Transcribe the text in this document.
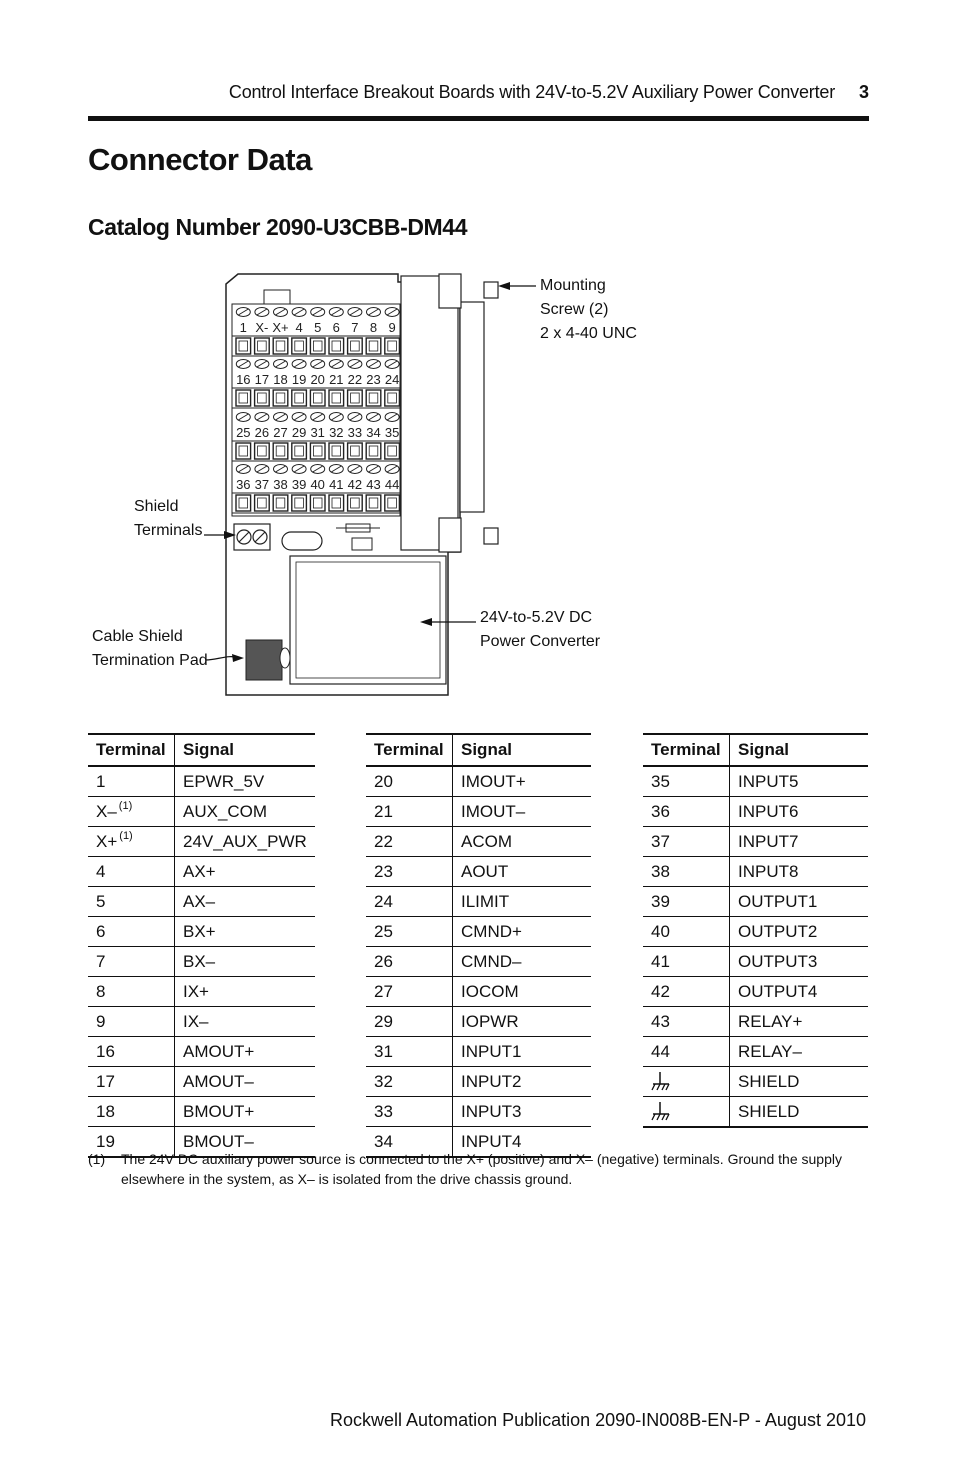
Control Interface Breakout Boards with 24V-to-5.2V Auxiliary Power Converter 3
Connector Data
Catalog Number 2090-U3CBB-DM44
1 X- X+ 4 5 6 7 8 9
16 17 18 19 20 21 22 23 24
25 26 27 29 31 32 33 34 35
36 37 38 39 40 41 42 43 44
Mounting
Screw (2)
2 x 4-40 UNC
Shield
Terminals
Cable Shield
Termination Pad
24V-to-5.2V DC
Power Converter
Terminal	Signal
1	EPWR_5V
X– $^{(1)}$	AUX_COM
X+ $^{(1)}$	24V_AUX_PWR
4	AX+
5	AX–
6	BX+
7	BX–
8	IX+
9	IX–
16	AMOUT+
17	AMOUT–
18	BMOUT+
19	BMOUT–
Terminal	Signal
20	IMOUT+
21	IMOUT–
22	ACOM
23	AOUT
24	ILIMIT
25	CMND+
26	CMND–
27	IOCOM
29	IOPWR
31	INPUT1
32	INPUT2
33	INPUT3
34	INPUT4
Terminal	Signal
35	INPUT5
36	INPUT6
37	INPUT7
38	INPUT8
39	OUTPUT1
40	OUTPUT2
41	OUTPUT3
42	OUTPUT4
43	RELAY+
44	RELAY–
	SHIELD
	SHIELD
(1) The 24V DC auxiliary power source is connected to the X+ (positive) and X– (negative) terminals. Ground the supply elsewhere in the system, as X– is isolated from the drive chassis ground.
Rockwell Automation Publication 2090-IN008B-EN-P - August 2010
